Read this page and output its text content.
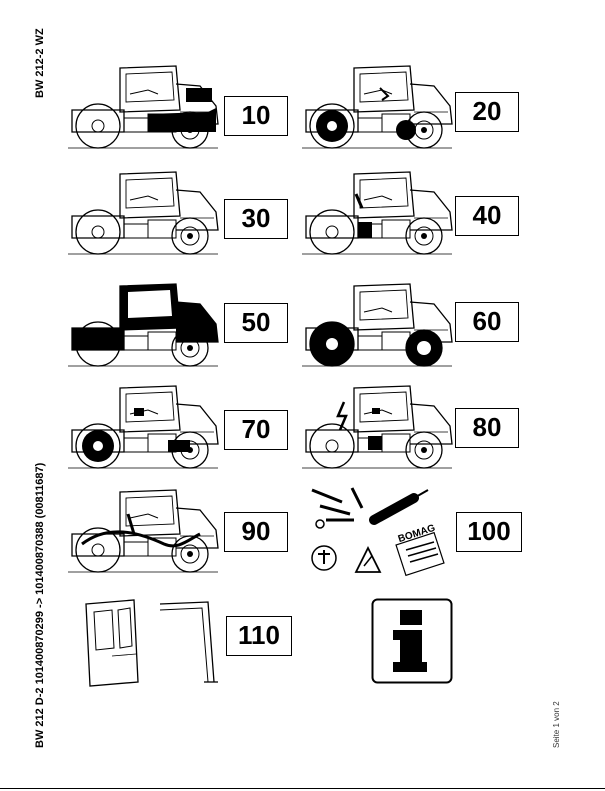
BW 212-2 WZ
BW 212 D-2 101400870299 -> 101400870388 (00811687)	Seite 1 von 2
10	20
30	40
50	60
70	80
90	BOMAG	100
110
